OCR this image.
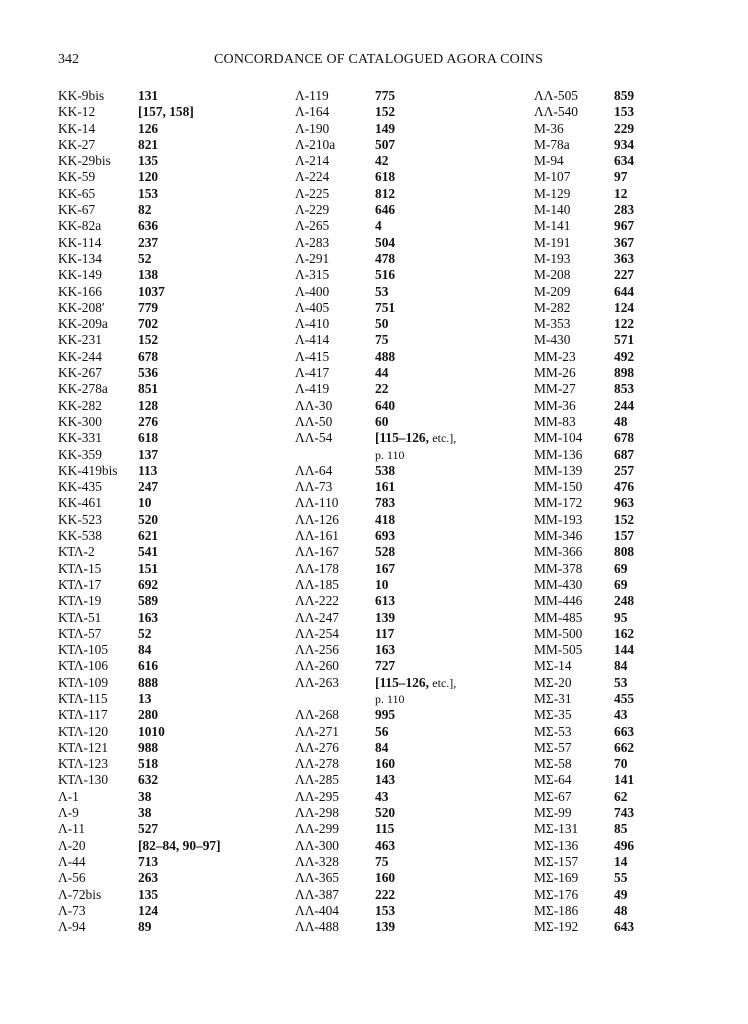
342	CONCORDANCE OF CATALOGUED AGORA COINS
KK-9bis	131
KK-12	[157, 158]
KK-14	126
KK-27	821
KK-29bis 135
KK-59	120
KK-65	153
KK-67	82
KK-82a	636
KK-114	237
KK-134	52
KK-149	138
KK-166	1037
KK-208′ 779
KK-209a 702
KK-231	152
KK-244	678
KK-267	536
KK-278a 851
KK-282	128
KK-300	276
KK-331	618
KK-359	137
KK-419bis 113
KK-435	247
KK-461	10
KK-523	520
KK-538	621
ΚΤΛ-2	541
ΚΤΛ-15	151
ΚΤΛ-17	692
ΚΤΛ-19	589
ΚΤΛ-51	163
ΚΤΛ-57	52
ΚΤΛ-105 84
ΚΤΛ-106 616
ΚΤΛ-109 888
ΚΤΛ-115 13
ΚΤΛ-117 280
ΚΤΛ-120 1010
ΚΤΛ-121 988
ΚΤΛ-123 518
ΚΤΛ-130 632
Λ-1	38
Λ-9	38
Λ-11	527
Λ-20	[82–84, 90–97]
Λ-44	713
Λ-56	263
Λ-72bis	135
Λ-73	124
Λ-94	89
Λ-119	775
Λ-164	152
Λ-190	149
Λ-210a	507
Λ-214	42
Λ-224	618
Λ-225	812
Λ-229	646
Λ-265	4
Λ-283	504
Λ-291	478
Λ-315	516
Λ-400	53
Λ-405	751
Λ-410	50
Λ-414	75
Λ-415	488
Λ-417	44
Λ-419	22
ΛΛ-30	640
ΛΛ-50	60
ΛΛ-54	[115–126, etc.],
p. 110
ΛΛ-64	538
ΛΛ-73	161
ΛΛ-110	783
ΛΛ-126	418
ΛΛ-161	693
ΛΛ-167	528
ΛΛ-178	167
ΛΛ-185	10
ΛΛ-222	613
ΛΛ-247	139
ΛΛ-254	117
ΛΛ-256	163
ΛΛ-260	727
ΛΛ-263	[115–126, etc.],
p. 110
ΛΛ-268	995
ΛΛ-271	56
ΛΛ-276	84
ΛΛ-278	160
ΛΛ-285	143
ΛΛ-295	43
ΛΛ-298	520
ΛΛ-299	115
ΛΛ-300	463
ΛΛ-328	75
ΛΛ-365	160
ΛΛ-387	222
ΛΛ-404	153
ΛΛ-488	139
ΛΛ-505	859
ΛΛ-540	153
M-36	229
M-78a	934
M-94	634
M-107	97
M-129	12
M-140	283
M-141	967
M-191	367
M-193	363
M-208	227
M-209	644
M-282	124
M-353	122
M-430	571
MM-23	492
MM-26	898
MM-27	853
MM-36	244
MM-83	48
MM-104 678
MM-136 687
MM-139 257
MM-150 476
MM-172 963
MM-193 152
MM-346 157
MM-366 808
MM-378 69
MM-430 69
MM-446 248
MM-485 95
MM-500 162
MM-505 144
ΜΣ-14	84
ΜΣ-20	53
ΜΣ-31	455
ΜΣ-35	43
ΜΣ-53	663
ΜΣ-57	662
ΜΣ-58	70
ΜΣ-64	141
ΜΣ-67	62
ΜΣ-99	743
ΜΣ-131	85
ΜΣ-136	496
ΜΣ-157	14
ΜΣ-169	55
ΜΣ-176	49
ΜΣ-186	48
ΜΣ-192	643
